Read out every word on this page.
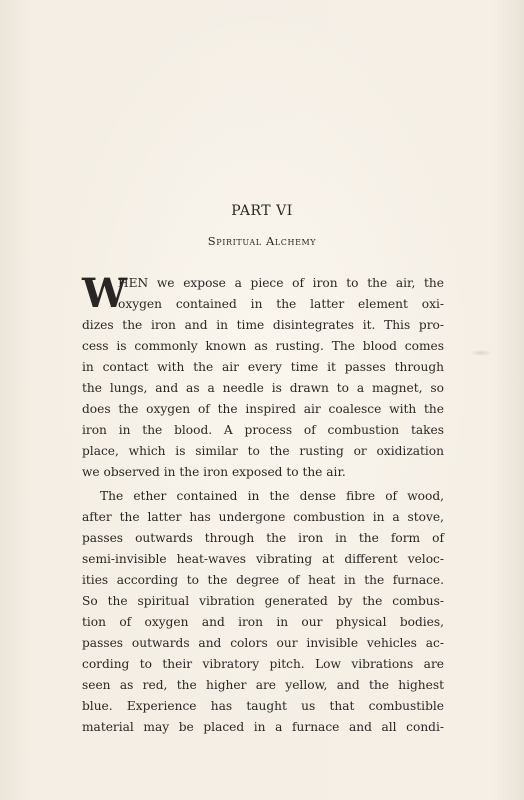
PART VI
Spiritual Alchemy
W
HEN we expose a piece of iron to the air, the
oxygen contained in the latter element oxi-
dizes the iron and in time disintegrates it. This pro-
cess is commonly known as rusting. The blood comes
in contact with the air every time it passes through
the lungs, and as a needle is drawn to a magnet, so
does the oxygen of the inspired air coalesce with the
iron in the blood. A process of combustion takes
place, which is similar to the rusting or oxidization
we observed in the iron exposed to the air.
The ether contained in the dense fibre of wood,
after the latter has undergone combustion in a stove,
passes outwards through the iron in the form of
semi-invisible heat-waves vibrating at different veloc-
ities according to the degree of heat in the furnace.
So the spiritual vibration generated by the combus-
tion of oxygen and iron in our physical bodies,
passes outwards and colors our invisible vehicles ac-
cording to their vibratory pitch. Low vibrations are
seen as red, the higher are yellow, and the highest
blue. Experience has taught us that combustible
material may be placed in a furnace and all condi-
